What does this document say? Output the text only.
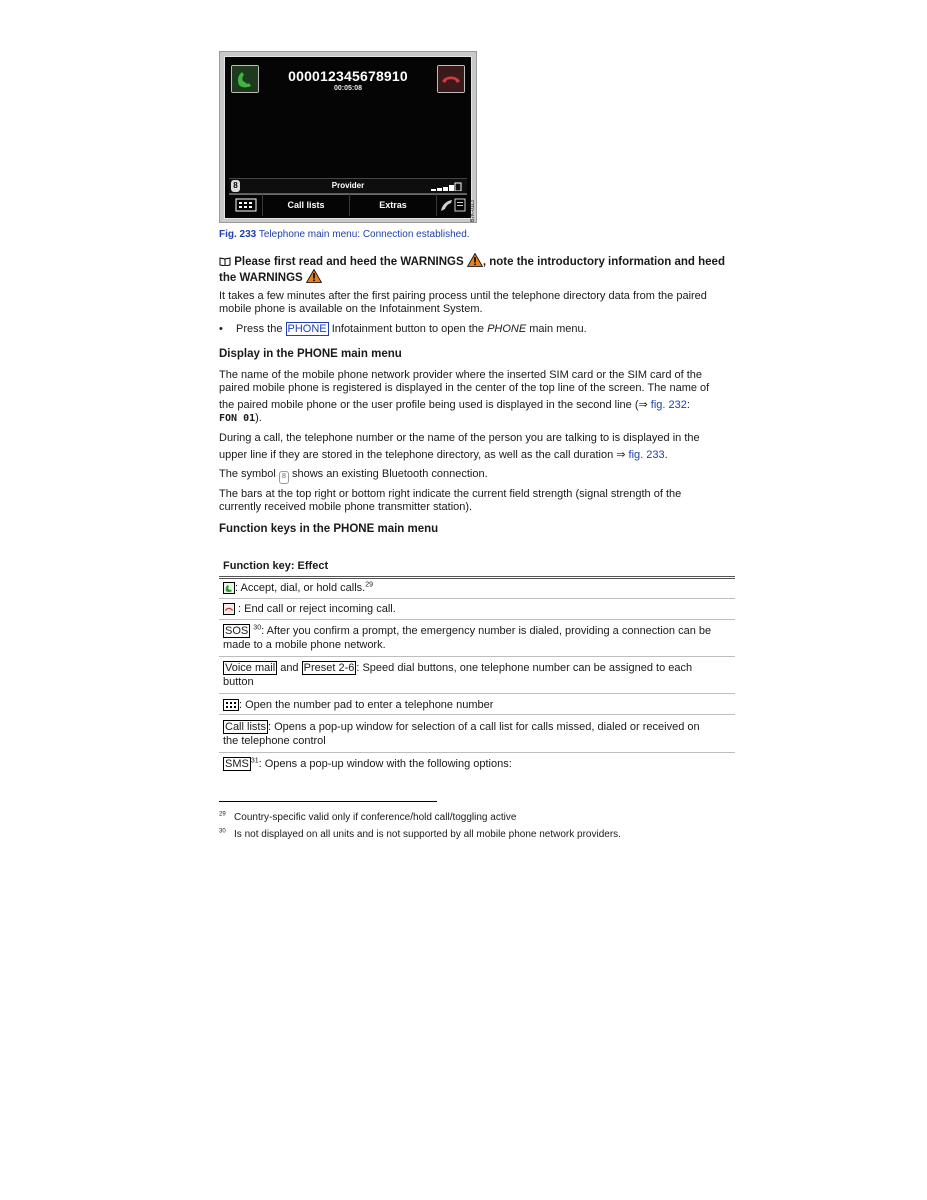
000012345678910
00:05:08
8	Provider
Call lists	Extras	B7K-0113
Fig. 233 Telephone main menu: Connection established.
Please first read and heed the WARNINGS , note the introductory information and heed
the WARNINGS
It takes a few minutes after the first pairing process until the telephone directory data from the paired
mobile phone is available on the Infotainment System.
• Press the PHONE Infotainment button to open the PHONE main menu.
Display in the PHONE main menu
The name of the mobile phone network provider where the inserted SIM card or the SIM card of the
paired mobile phone is registered is displayed in the center of the top line of the screen. The name of
the paired mobile phone or the user profile being used is displayed in the second line (⇒ fig. 232:
FON 01).
During a call, the telephone number or the name of the person you are talking to is displayed in the
upper line if they are stored in the telephone directory, as well as the call duration ⇒ fig. 233.
The symbol 8 shows an existing Bluetooth connection.
The bars at the top right or bottom right indicate the current field strength (signal strength of the
currently received mobile phone transmitter station).
Function keys in the PHONE main menu
Function key: Effect
: Accept, dial, or hold calls.$^{29}$
: End call or reject incoming call.
SOS $^{30}$: After you confirm a prompt, the emergency number is dialed, providing a connection can be
made to a mobile phone network.
Voice mail and Preset 2-6 : Speed dial buttons, one telephone number can be assigned to each
button
: Open the number pad to enter a telephone number
Call lists : Opens a pop-up window for selection of a call list for calls missed, dialed or received on
the telephone control
SMS $^{31}$: Opens a pop-up window with the following options:
$^{29}$ Country-specific valid only if conference/hold call/toggling active
$^{30}$ Is not displayed on all units and is not supported by all mobile phone network providers.
